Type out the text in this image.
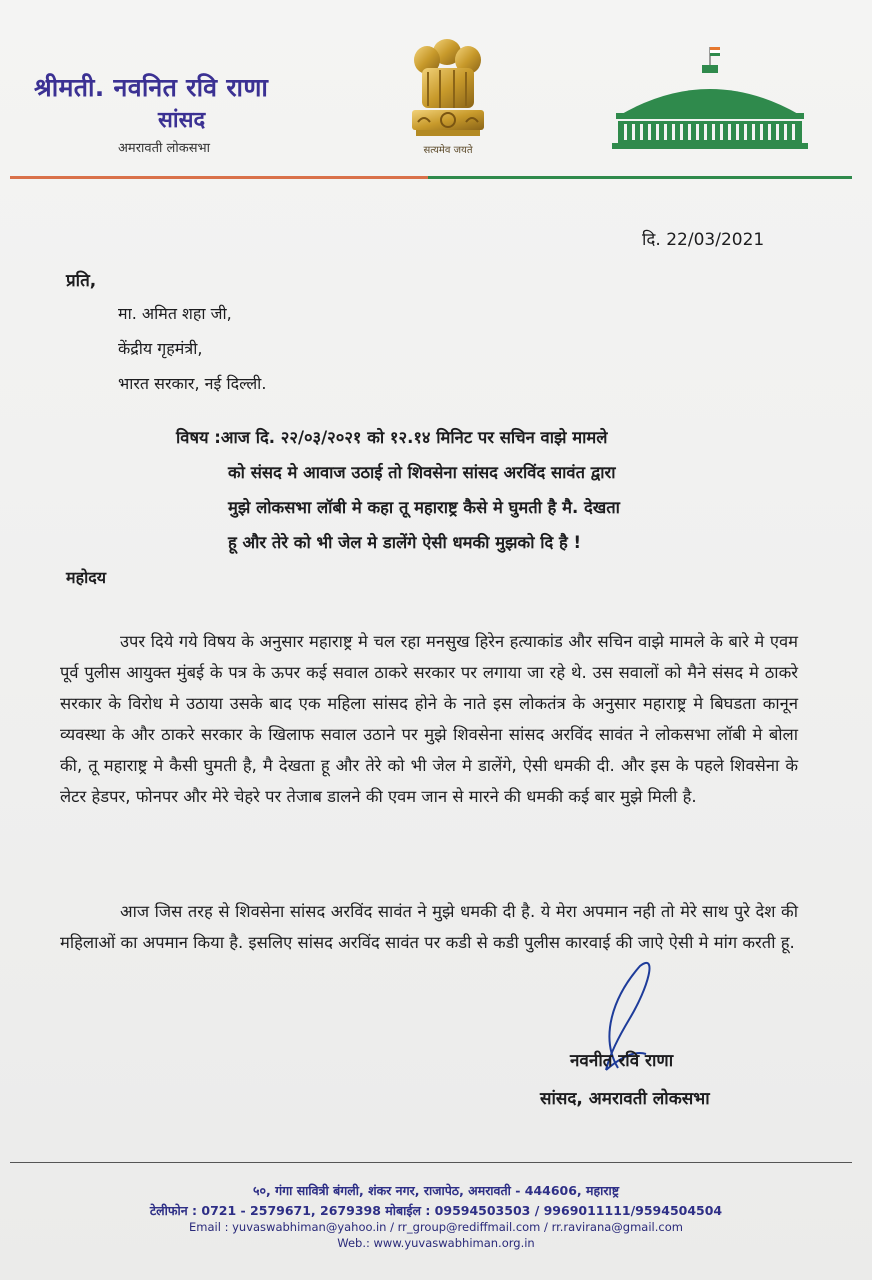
श्रीमती. नवनित रवि राणा
सांसद
अमरावती लोकसभा	सत्यमेव जयते
दि. 22/03/2021
प्रति,
मा. अमित शहा जी,
केंद्रीय गृहमंत्री,
भारत सरकार, नई दिल्ली.
विषय :आज दि. २२/०३/२०२१ को १२.१४ मिनिट पर सचिन वाझे मामले
को संसद मे आवाज उठाई तो शिवसेना सांसद अरविंद सावंत द्वारा
मुझे लोकसभा लॉबी मे कहा तू महाराष्ट्र कैसे मे घुमती है मै. देखता
हू और तेरे को भी जेल मे डालेंगे ऐसी धमकी मुझको दि है !
महोदय
उपर दिये गये विषय के अनुसार महाराष्ट्र मे चल रहा मनसुख हिरेन हत्याकांड और सचिन वाझे मामले के बारे मे एवम पूर्व पुलीस आयुक्त मुंबई के पत्र के ऊपर कई सवाल ठाकरे सरकार पर लगाया जा रहे थे. उस सवालों को मैने संसद मे ठाकरे सरकार के विरोध मे उठाया उसके बाद एक महिला सांसद होने के नाते इस लोकतंत्र के अनुसार महाराष्ट्र मे बिघडता कानून व्यवस्था के और ठाकरे सरकार के खिलाफ सवाल उठाने पर मुझे शिवसेना सांसद अरविंद सावंत ने लोकसभा लॉबी मे बोला की, तू महाराष्ट्र मे कैसी घुमती है, मै देखता हू और तेरे को भी जेल मे डालेंगे, ऐसी धमकी दी. और इस के पहले शिवसेना के लेटर हेडपर, फोनपर और मेरे चेहरे पर तेजाब डालने की एवम जान से मारने की धमकी कई बार मुझे मिली है.
आज जिस तरह से शिवसेना सांसद अरविंद सावंत ने मुझे धमकी दी है. ये मेरा अपमान नही तो मेरे साथ पुरे देश की महिलाओं का अपमान किया है. इसलिए सांसद अरविंद सावंत पर कडी से कडी पुलीस कारवाई की जाऐ ऐसी मे मांग करती हू.
नवनीत रवि राणा
सांसद, अमरावती लोकसभा
५०, गंगा सावित्री बंगली, शंकर नगर, राजापेठ, अमरावती - 444606, महाराष्ट्र
टेलीफोन : 0721 - 2579671, 2679398 मोबाईल : 09594503503 / 9969011111/9594504504
Email : yuvaswabhiman@yahoo.in / rr_group@rediffmail.com / rr.ravirana@gmail.com
Web.: www.yuvaswabhiman.org.in
